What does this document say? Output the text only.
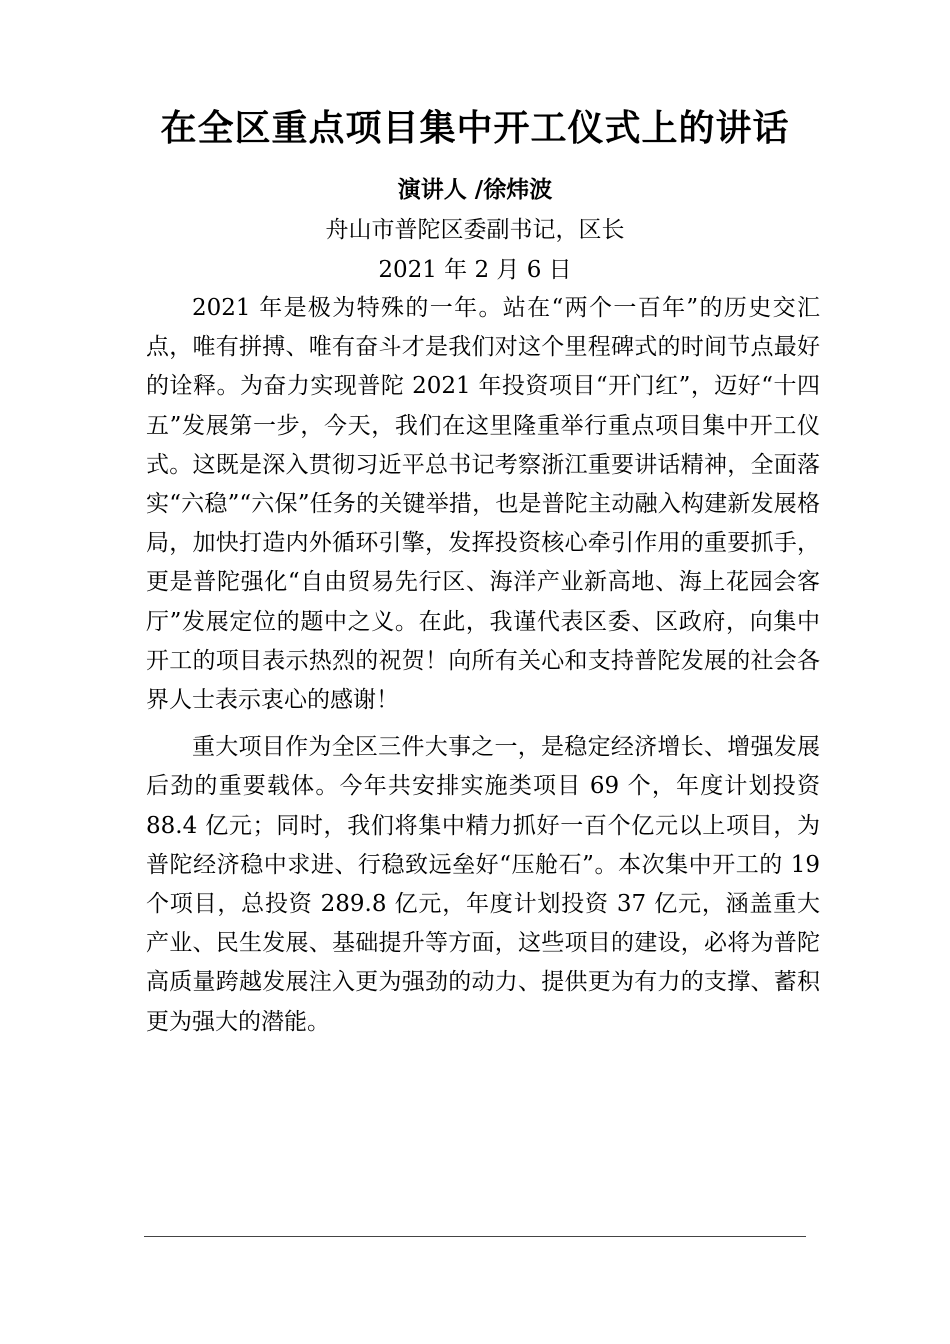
在全区重点项目集中开工仪式上的讲话
演讲人 /徐炜波
舟山市普陀区委副书记，区长
2021 年 2 月 6 日

2021 年是极为特殊的一年。站在“两个一百年”的历史交汇点，唯有拼搏、唯有奋斗才是我们对这个里程碑式的时间节点最好的诠释。为奋力实现普陀 2021 年投资项目“开门红”，迈好“十四五”发展第一步，今天，我们在这里隆重举行重点项目集中开工仪式。这既是深入贯彻习近平总书记考察浙江重要讲话精神，全面落实“六稳”“六保”任务的关键举措，也是普陀主动融入构建新发展格局，加快打造内外循环引擎，发挥投资核心牵引作用的重要抓手，更是普陀强化“自由贸易先行区、海洋产业新高地、海上花园会客厅”发展定位的题中之义。在此，我谨代表区委、区政府，向集中开工的项目表示热烈的祝贺！向所有关心和支持普陀发展的社会各界人士表示衷心的感谢！

重大项目作为全区三件大事之一，是稳定经济增长、增强发展后劲的重要载体。今年共安排实施类项目 69 个，年度计划投资 88.4 亿元；同时，我们将集中精力抓好一百个亿元以上项目，为普陀经济稳中求进、行稳致远垒好“压舱石”。本次集中开工的 19 个项目，总投资 289.8 亿元，年度计划投资 37 亿元，涵盖重大产业、民生发展、基础提升等方面，这些项目的建设，必将为普陀高质量跨越发展注入更为强劲的动力、提供更为有力的支撑、蓄积更为强大的潜能。
